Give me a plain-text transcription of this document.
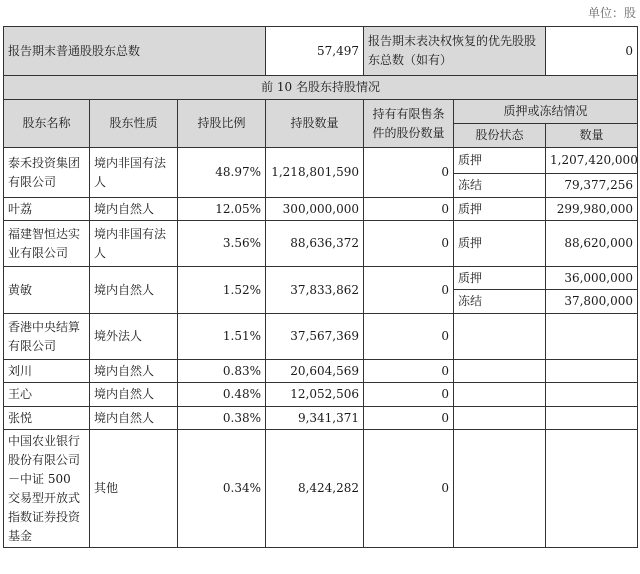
单位：股
报告期末普通股股东总数			57,497	报告期末表决权恢复的优先股股东总数（如有）		0
前 10 名股东持股情况						
股东名称	股东性质	持股比例	持股数量	持有有限售条件的股份数量	质押或冻结情况	
					股份状态	数量
泰禾投资集团有限公司	境内非国有法人	48.97%	1,218,801,590	0	质押	1,207,420,000
					冻结	79,377,256
叶荔	境内自然人	12.05%	300,000,000	0	质押	299,980,000
福建智恒达实业有限公司	境内非国有法人	3.56%	88,636,372	0	质押	88,620,000
黄敏	境内自然人	1.52%	37,833,862	0	质押	36,000,000
					冻结	37,800,000
香港中央结算有限公司	境外法人	1.51%	37,567,369	0		
刘川	境内自然人	0.83%	20,604,569	0		
王心	境内自然人	0.48%	12,052,506	0		
张悦	境内自然人	0.38%	9,341,371	0		
中国农业银行股份有限公司－中证 500 交易型开放式指数证券投资基金	其他	0.34%	8,424,282	0		
